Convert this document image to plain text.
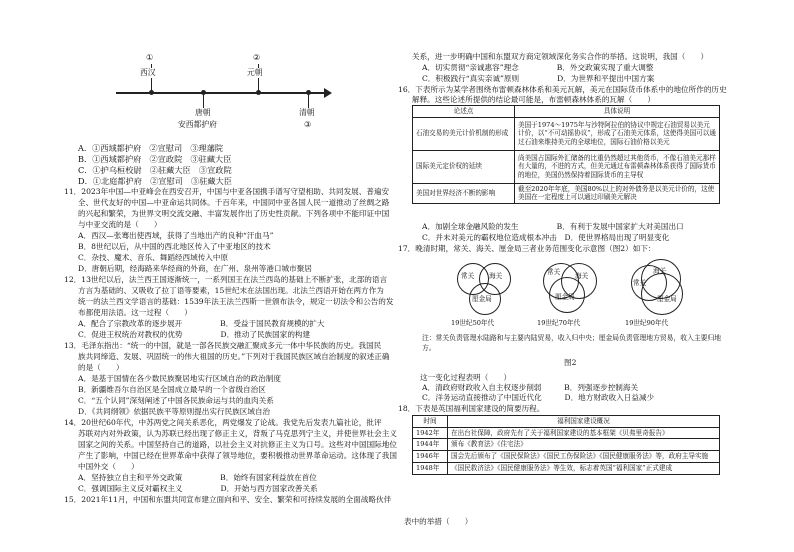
①
西汉
②
元朝
唐朝
安西都护府
清朝
③
A．①西域都护府　②宣慰司　③理藩院
B．①西域都护府　②宣政院　③驻藏大臣
C．①护乌桓校尉　②驻藏大臣　③宣政院
D．①北庭都护府　②宣慰司　③驻藏大臣
11．2023年中国—中亚峰会在西安召开，中国与中亚各国携手谱写守望相助、共同发展、普遍安
全、世代友好的中国—中亚命运共同体。千百年来，中国同中亚各国人民一道推动了丝绸之路
的兴起和繁荣，为世界文明交流交融、丰富发展作出了历史性贡献。下列各项中不能印证中国
与中亚交流的是（　　）
A．西汉—张骞出使西域，获得了当地出产的良种“汗血马”
B．8世纪以后，从中国的西北地区传入了中亚地区的技术
C．杂技、魔术、音乐、舞蹈经西域传入中原
D．唐朝后期，经海路来华经商的外商，在广州、泉州等港口城市聚居
12．13世纪以后，法兰西王国逐渐统一，一系列国王在法兰西岛的基础上不断扩张，北部的语言
方言为基础的、又吸收了拉丁语等要素，15世纪末在法国出现。北法兰西语开始在两方作为
统一的法兰西文学语言的基础：1539年法王法兰西斯一世颁布法令，规定一切法令和公告的发
布都使用法语。这一过程（　　）
A．配合了宗教改革的逐步展开　　　　　B．受益于国民教育规模的扩大
C．促进王权统治对教权的优势　　　　　D．推动了民族国家的构建
13．毛泽东指出：“统一的中国，就是一部各民族交融汇聚成多元一体中华民族的历史。我国民
族共同缔造、发展、巩固统一的伟大祖国的历史。”下列对于我国民族区域自治制度的叙述正确
的是（　　）
A．是基于国情在各少数民族聚居地实行区域自治的政治制度
B．新疆维吾尔自治区是全国成立最早的一个省级自治区
C．“五个认同”深刻阐述了中国各民族命运与共的血肉关系
D．《共同纲领》依据民族平等原则提出实行民族区域自治
14．20世纪60年代，中苏两党之间关系恶化，两党爆发了论战。我党先后发表九篇社论，批评
苏联对内对外政策，认为苏联已经出现了修正主义，背叛了马克思列宁主义，并使世界社会主义
国家之间的关系。中国坚持自己的道路，以社会主义对抗修正主义为口号。这些对中国国际地位
产生了影响，中国已经在世界革命中获得了领导地位，要积极推动世界革命运动。这体现了我国
中国外交（　　）
A．坚持独立自主和平外交政策　　　　　B．始终有国家利益放在首位
C．强调国际主义反对霸权主义　　　　　D．开始与西方国家改善关系
15．2021年11月，中国和东盟共同宣布建立面向和平、安全、繁荣和可持续发展的全面战略伙伴
关系，进一步明确中国和东盟双方商定领域深化务实合作的举措。这说明，我国（　　）
A．切实贯彻“亲诚惠容”理念　　　　　B．外交政策实现了重大调整
C．积极践行“真实亲诚”原则　　　　　D．为世界和平提出中国方案
16．下表所示为某学者围绕布雷顿森林体系和美元瓦解，美元在国际货币体系中的地位所作的历史
解释。这些论述所提供的结论最可能是，布雷顿森林体系的瓦解（　　）
论述点	具体说明
石油交易的美元计价机制的形成	美国于1974～1975年与沙特阿拉伯的协议中规定石油贸易以美元计价，以“不可动摇协议”，形成了石油美元体系，这使得美国可以通过石油来维持美元的全球地位，国际石油价格以美元
国际美元定价权的延续	尚美国占国际外汇储备的比重仍然超过其他货币，不像石油美元那样有大量的，不进的方式，但美元通过布雷顿森林体系获得了国际货币的地位，美国仍然保持着国际货币的主导权
美国对世界经济不断的影响	截至2020年年底，美国80%以上的对外债务是以美元计价的，这使美国在一定程度上可以通过印刷美元解决
A．加剧全球金融风险的发生　　　　　B．有利于发展中国家扩大对美国出口
C．并未对美元的霸权地位造成根本冲击　D．使世界格局出现了明显变化
17．晚清时期，常关、海关、厘金局三者业务范围变化示意图（图2）如下：
常关 海关
厘金局
19世纪50年代
常关 海关
厘金局
19世纪70年代
常关
海关
厘金局
19世纪90年代
注：常关负责管理水陆路和与主要内陆贸易，收入归中央；厘金局负责管理地方贸易，收入主要归地方。
图2
这一变化过程表明（　　）
A．清政府财政收入自主权逐步削弱　　　B．列强逐步控制海关
C．洋务运动直接推动了中国近代化　　　D．地方财政收入日益减少
18．下表是英国福利国家建设的简要历程。
时间	福利国家建设概况
1942年	在出台社保障，政府先有了关于福利国家建设的基本框架《贝弗里奇报告》
1944年	颁布《教育法》《住宅法》
1946年	国会先后颁布了《国民保险法》《国民工伤保险法》《国民健康服务法》等，政府主导实施
1948年	《国民救济法》《国民健康服务法》等生效，标志着英国“福利国家”正式建成
表中的举措（　　）
